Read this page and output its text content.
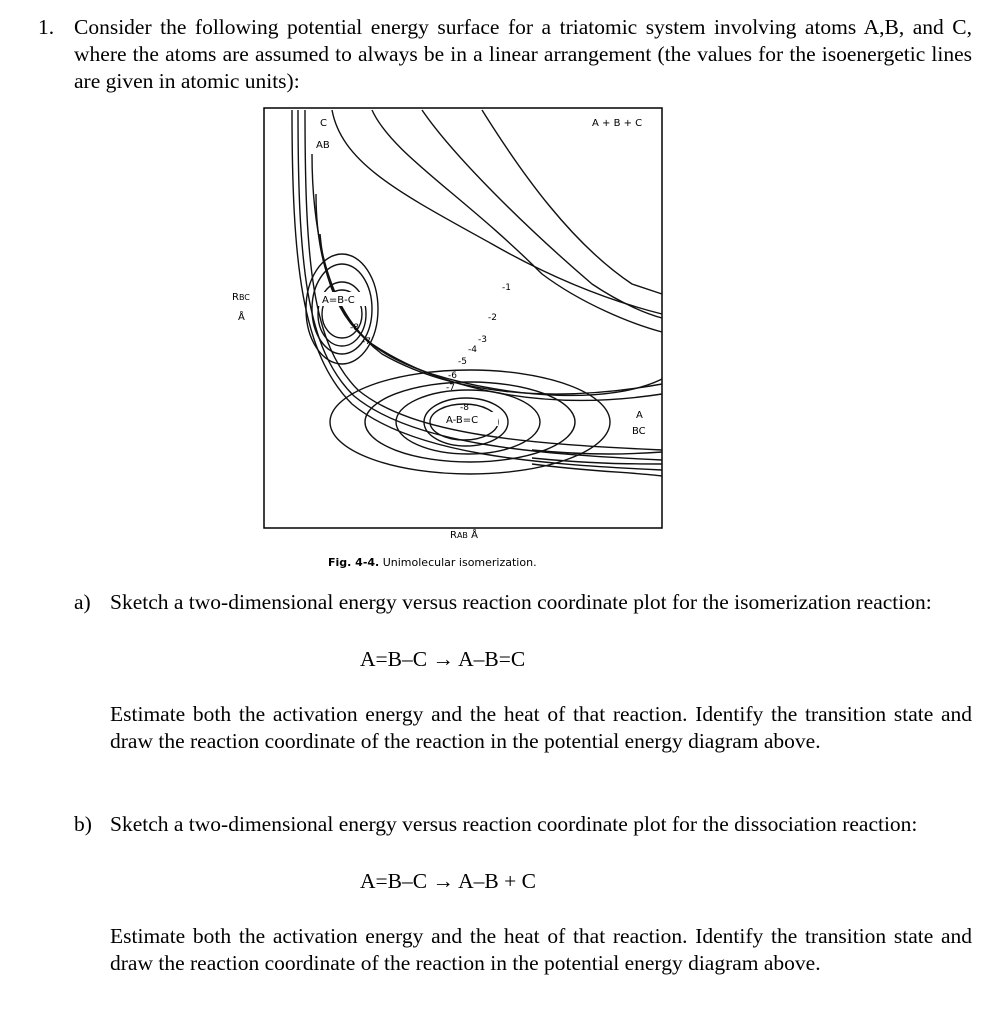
1. Consider the following potential energy surface for a triatomic system involving atoms A,B, and C, where the atoms are assumed to always be in a linear arrangement (the values for the isoenergetic lines are given in atomic units):
A + B + C
C
AB
A
BC
A=B-C
A-B=C
-1
-2
-3
-4
-5
-6
-7
-7
-8
-8
RBC
Å
RAB Å
Fig. 4-4. Unimolecular isomerization.
a) Sketch a two-dimensional energy versus reaction coordinate plot for the isomerization reaction:
A=B–C → A–B=C
Estimate both the activation energy and the heat of that reaction. Identify the transition state and draw the reaction coordinate of the reaction in the potential energy diagram above.
b) Sketch a two-dimensional energy versus reaction coordinate plot for the dissociation reaction:
A=B–C → A–B + C
Estimate both the activation energy and the heat of that reaction. Identify the transition state and draw the reaction coordinate of the reaction in the potential energy diagram above.
